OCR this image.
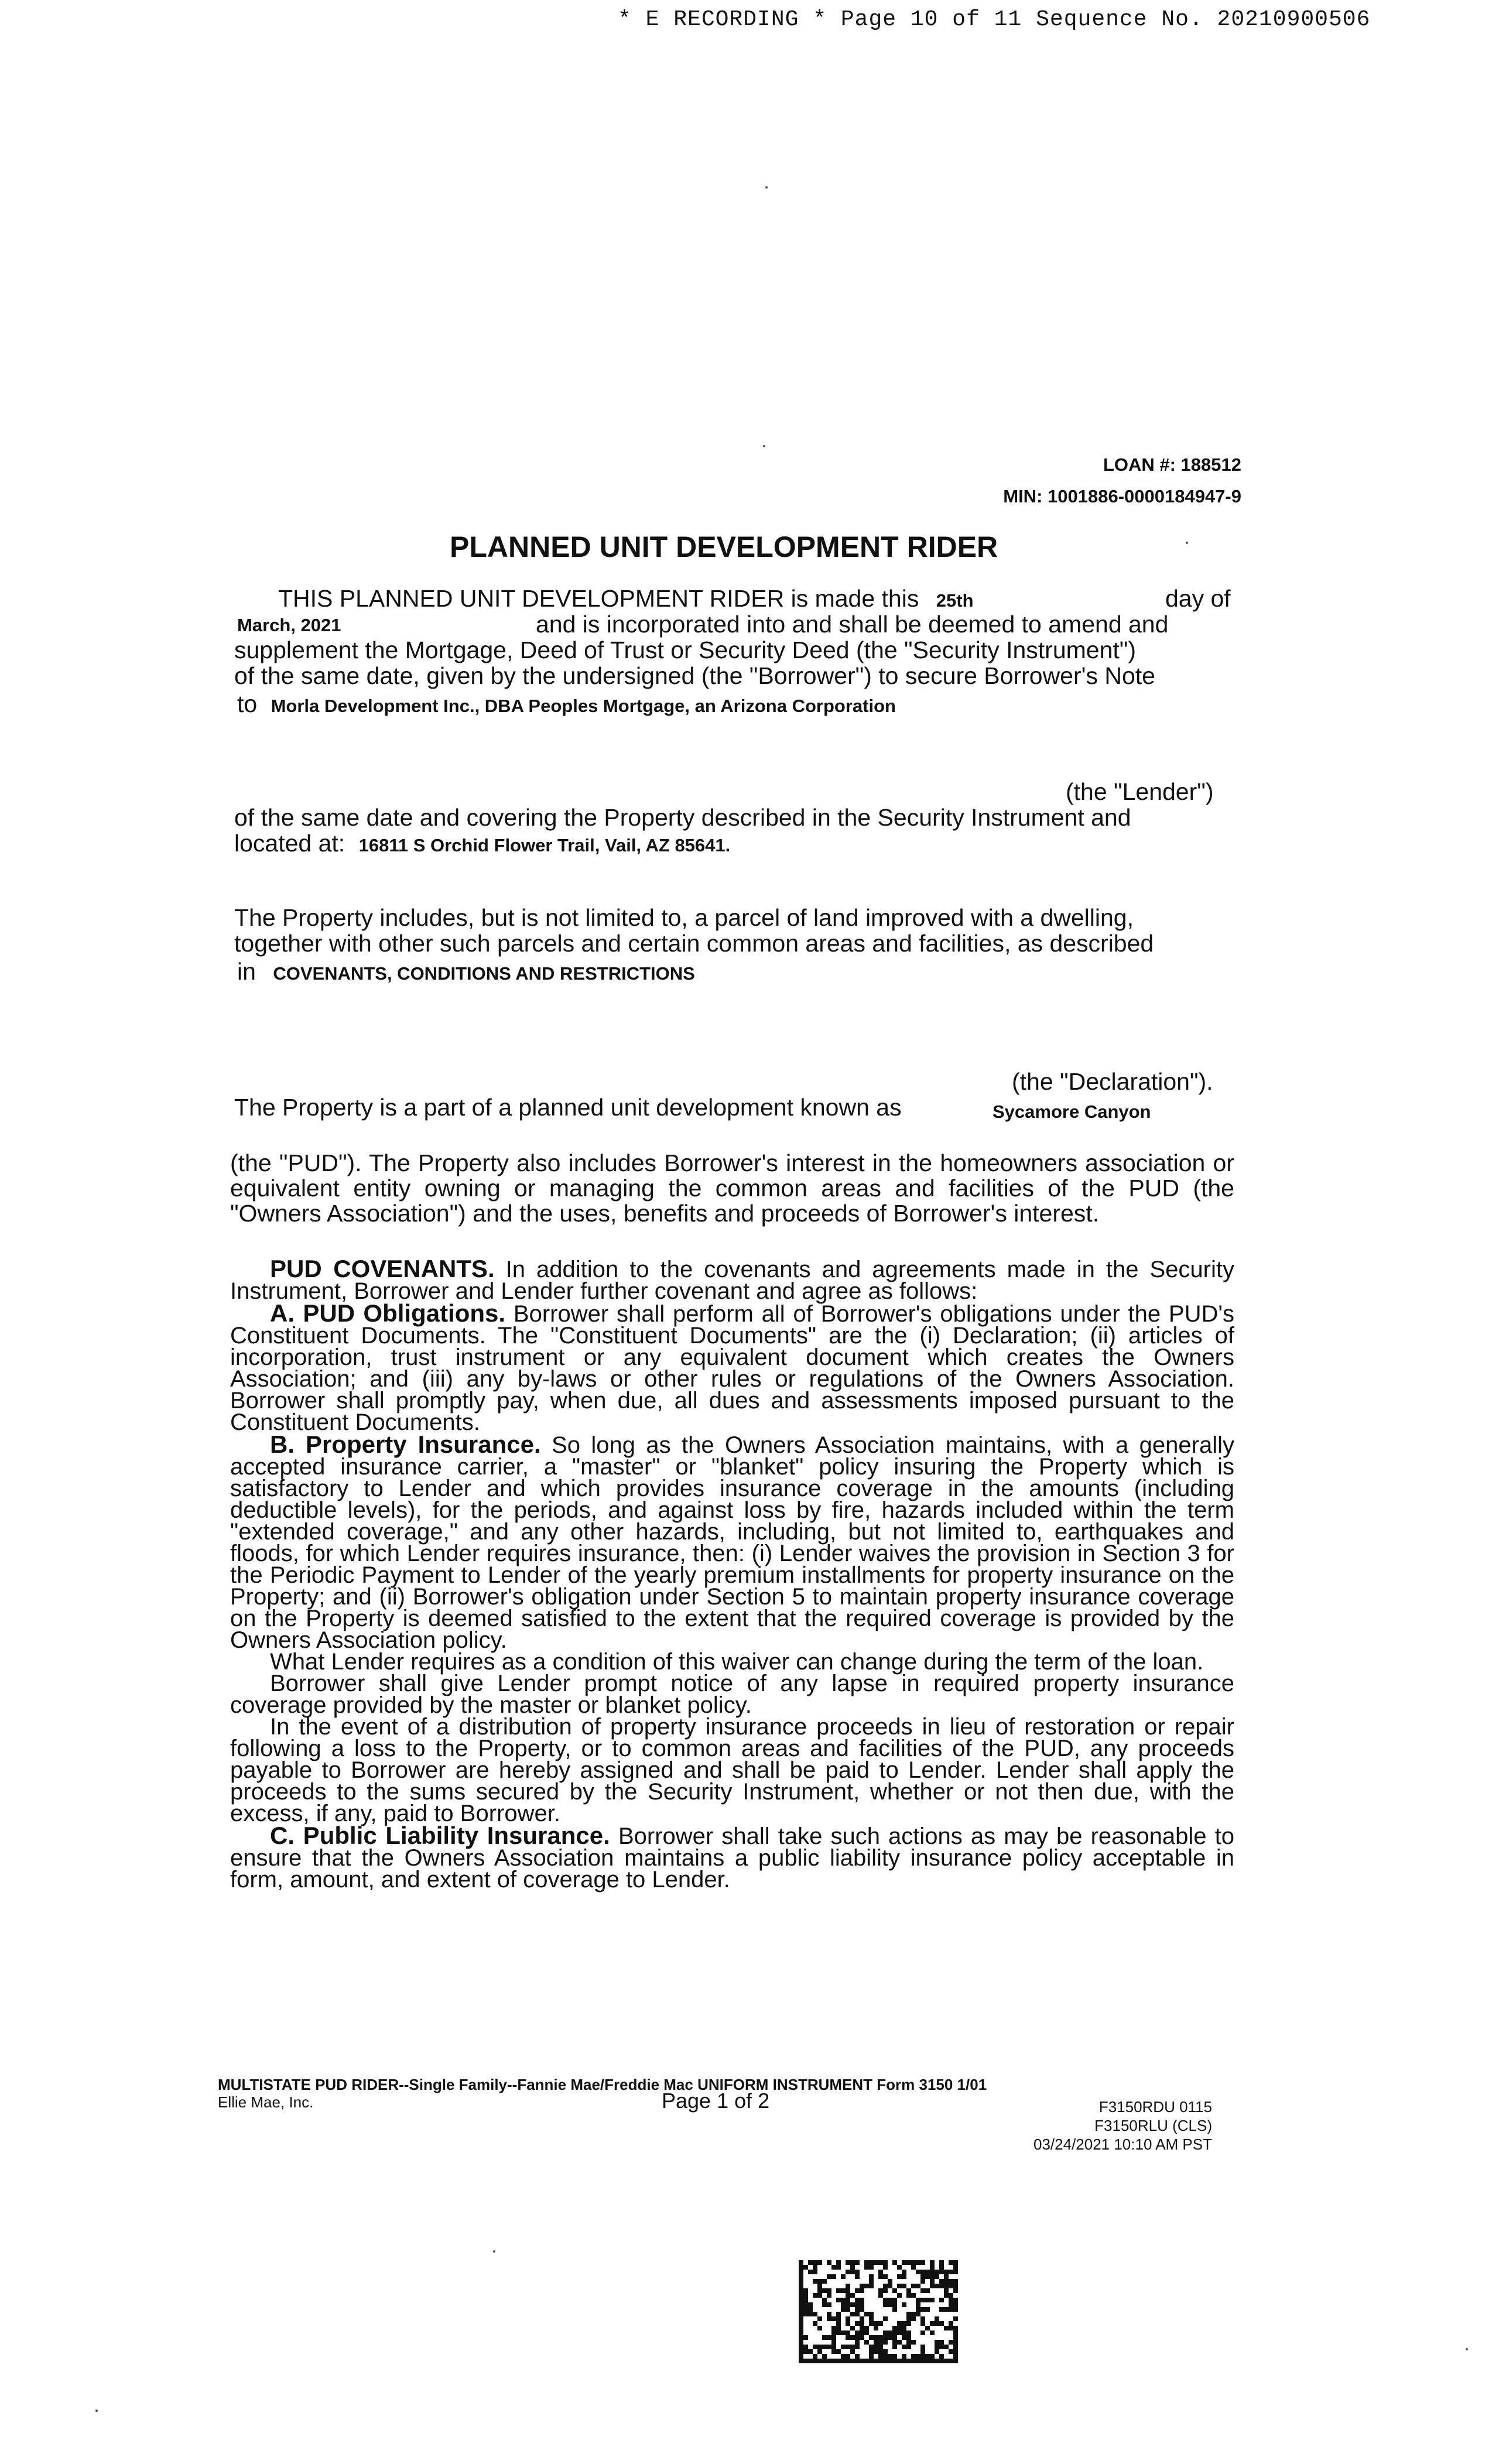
* E RECORDING * Page 10 of 11 Sequence No. 20210900506
LOAN #: 188512
MIN: 1001886-0000184947-9
PLANNED UNIT DEVELOPMENT RIDER
THIS PLANNED UNIT DEVELOPMENT RIDER is made this 25th	day of
March, 2021	and is incorporated into and shall be deemed to amend and
supplement the Mortgage, Deed of Trust or Security Deed (the "Security Instrument")
of the same date, given by the undersigned (the "Borrower") to secure Borrower's Note
to Morla Development Inc., DBA Peoples Mortgage, an Arizona Corporation
(the "Lender")
of the same date and covering the Property described in the Security Instrument and
located at: 16811 S Orchid Flower Trail, Vail, AZ 85641.
The Property includes, but is not limited to, a parcel of land improved with a dwelling,
together with other such parcels and certain common areas and facilities, as described
in COVENANTS, CONDITIONS AND RESTRICTIONS
(the "Declaration").
The Property is a part of a planned unit development known as	Sycamore Canyon
(the "PUD"). The Property also includes Borrower's interest in the homeowners association or equivalent entity owning or managing the common areas and facilities of the PUD (the "Owners Association") and the uses, benefits and proceeds of Borrower's interest.
PUD COVENANTS. In addition to the covenants and agreements made in the Security Instrument, Borrower and Lender further covenant and agree as follows:
A. PUD Obligations. Borrower shall perform all of Borrower's obligations under the PUD's Constituent Documents. The "Constituent Documents" are the (i) Declaration; (ii) articles of incorporation, trust instrument or any equivalent document which creates the Owners Association; and (iii) any by-laws or other rules or regulations of the Owners Association. Borrower shall promptly pay, when due, all dues and assessments imposed pursuant to the Constituent Documents.
B. Property Insurance. So long as the Owners Association maintains, with a generally accepted insurance carrier, a "master" or "blanket" policy insuring the Property which is satisfactory to Lender and which provides insurance coverage in the amounts (including deductible levels), for the periods, and against loss by fire, hazards included within the term "extended coverage," and any other hazards, including, but not limited to, earthquakes and floods, for which Lender requires insurance, then: (i) Lender waives the provision in Section 3 for the Periodic Payment to Lender of the yearly premium installments for property insurance on the Property; and (ii) Borrower's obligation under Section 5 to maintain property insurance coverage on the Property is deemed satisfied to the extent that the required coverage is provided by the Owners Association policy.
What Lender requires as a condition of this waiver can change during the term of the loan.
Borrower shall give Lender prompt notice of any lapse in required property insurance coverage provided by the master or blanket policy.
In the event of a distribution of property insurance proceeds in lieu of restoration or repair following a loss to the Property, or to common areas and facilities of the PUD, any proceeds payable to Borrower are hereby assigned and shall be paid to Lender. Lender shall apply the proceeds to the sums secured by the Security Instrument, whether or not then due, with the excess, if any, paid to Borrower.
C. Public Liability Insurance. Borrower shall take such actions as may be reasonable to ensure that the Owners Association maintains a public liability insurance policy acceptable in form, amount, and extent of coverage to Lender.
MULTISTATE PUD RIDER--Single Family--Fannie Mae/Freddie Mac UNIFORM INSTRUMENT Form 3150 1/01
Ellie Mae, Inc.	Page 1 of 2	F3150RDU 0115
F3150RLU (CLS)
03/24/2021 10:10 AM PST
